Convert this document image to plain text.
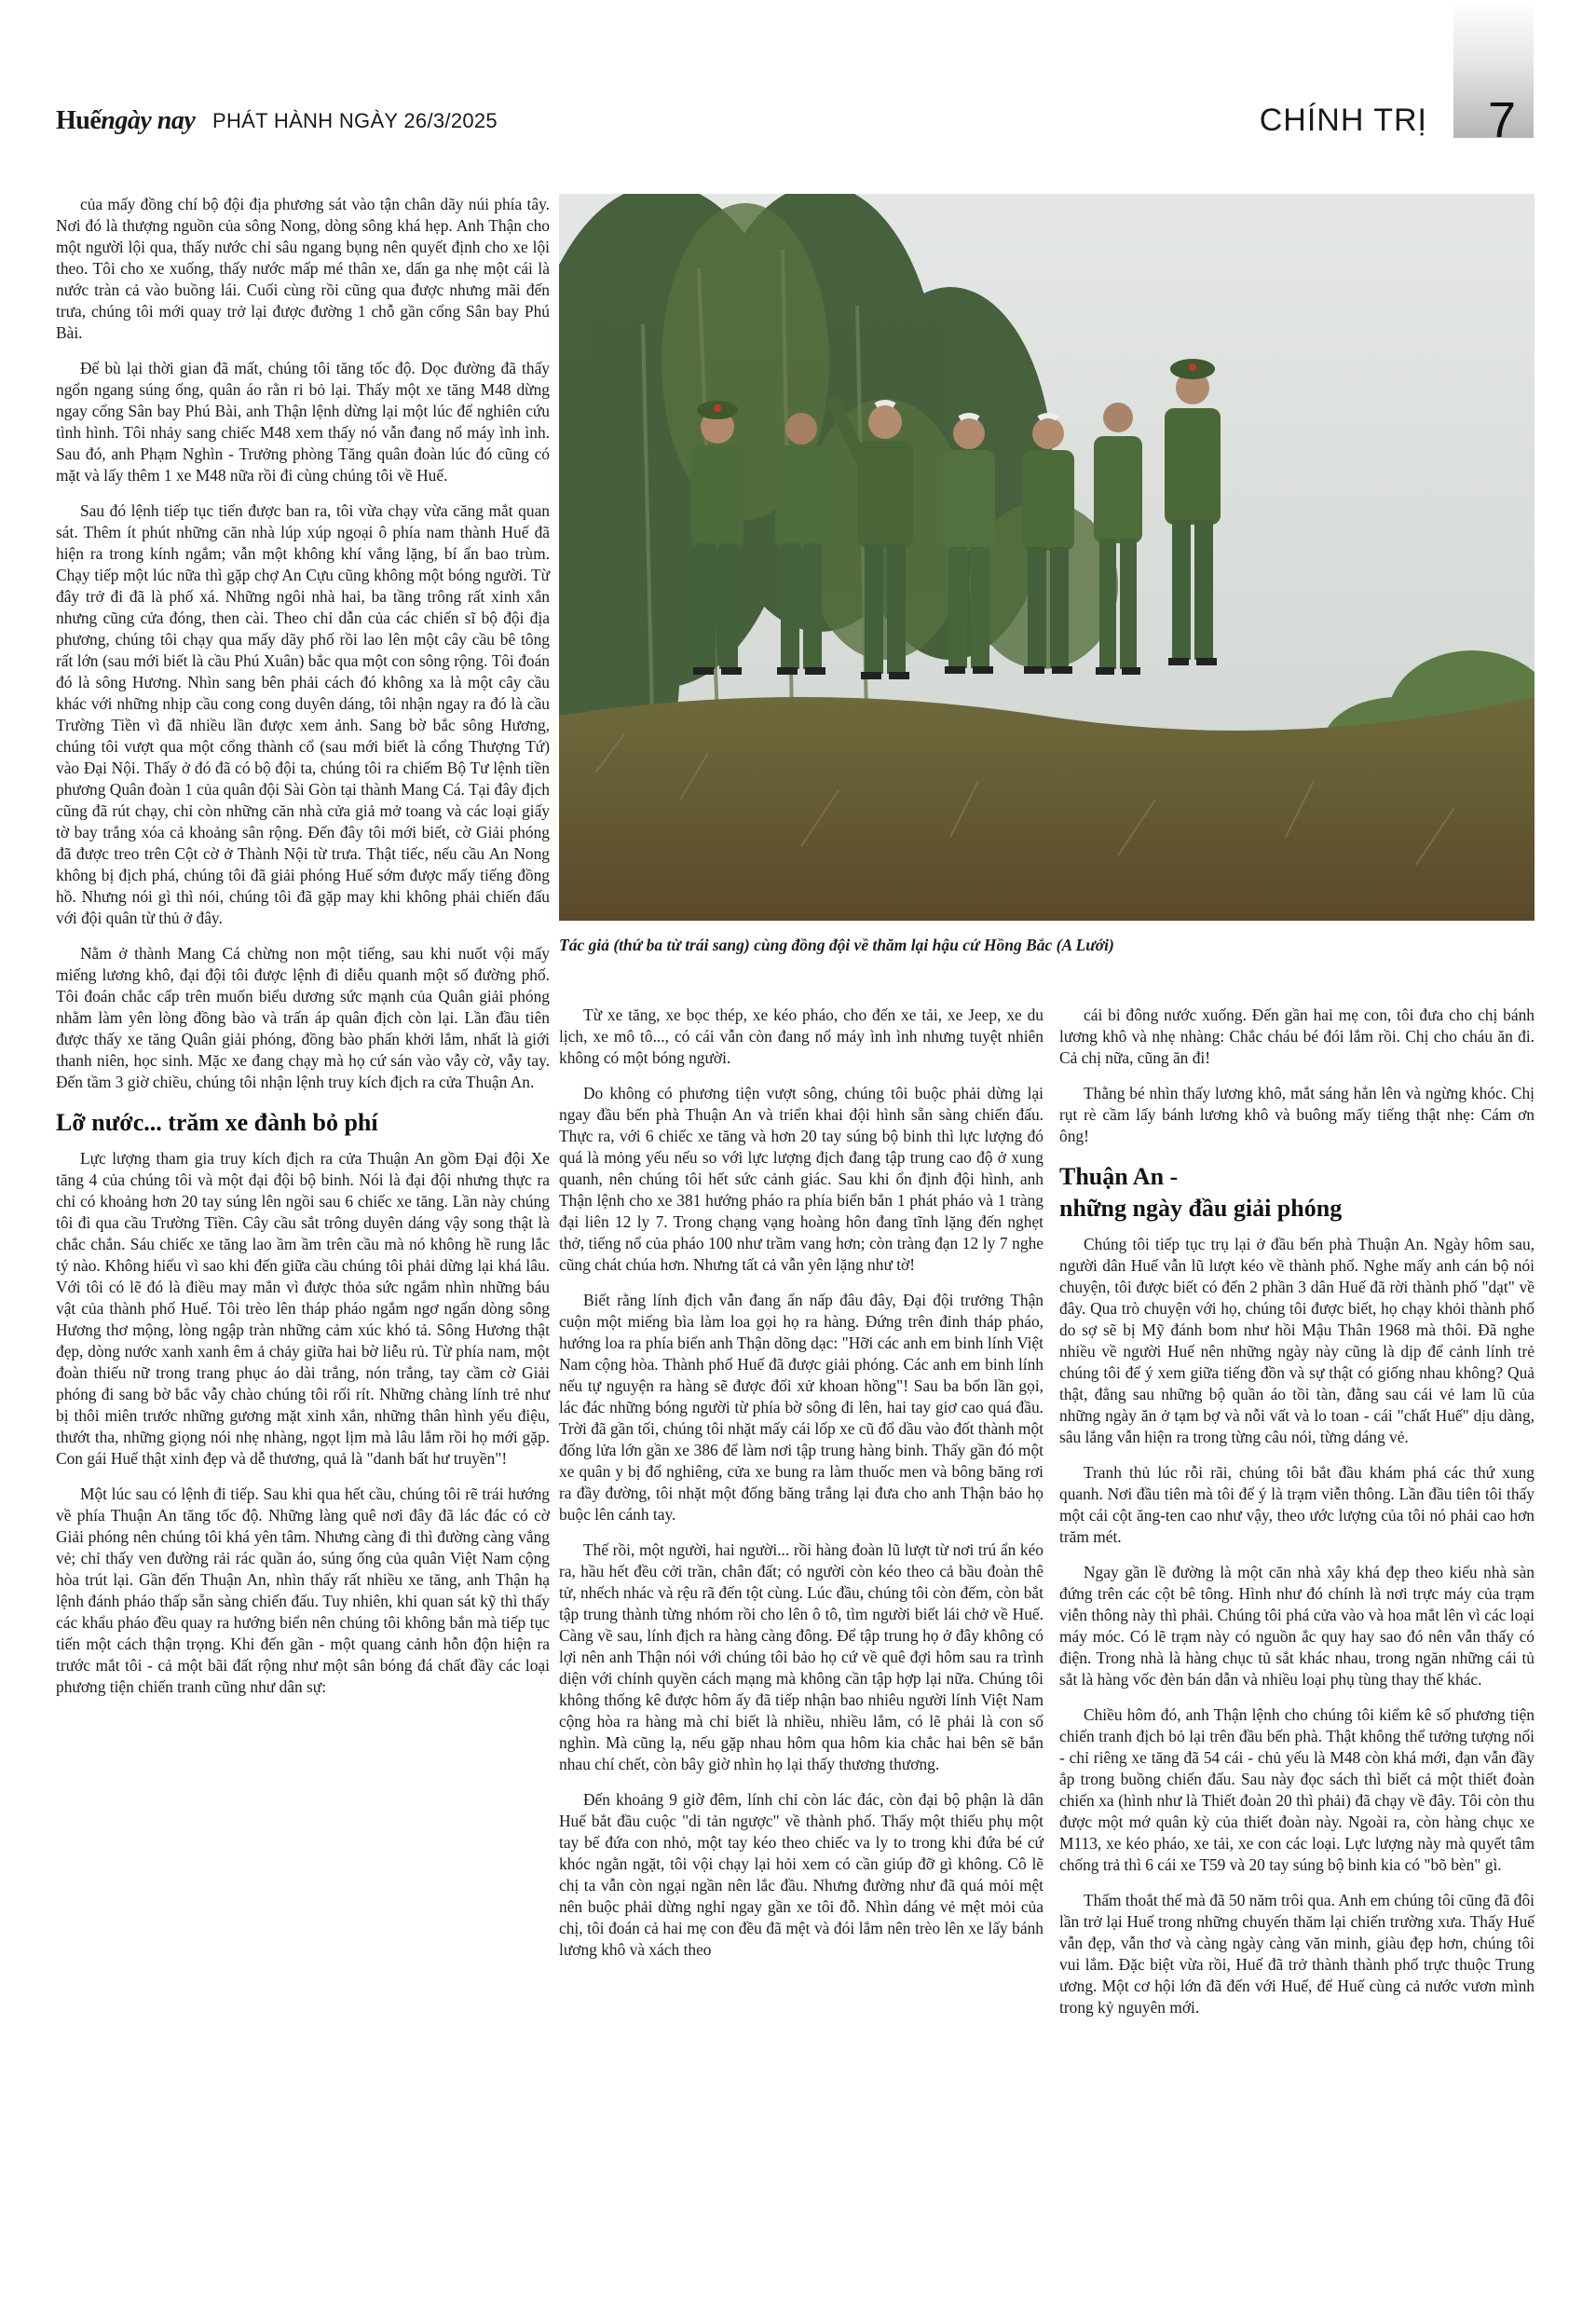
Huếngày nay PHÁT HÀNH NGÀY 26/3/2025	CHÍNH TRỊ	7

của mấy đồng chí bộ đội địa phương sát vào tận chân dãy núi phía tây. Nơi đó là thượng nguồn của sông Nong, dòng sông khá hẹp. Anh Thận cho một người lội qua, thấy nước chỉ sâu ngang bụng nên quyết định cho xe lội theo. Tôi cho xe xuống, thấy nước mấp mé thân xe, dấn ga nhẹ một cái là nước tràn cả vào buồng lái. Cuối cùng rồi cũng qua được nhưng mãi đến trưa, chúng tôi mới quay trở lại được đường 1 chỗ gần cổng Sân bay Phú Bài.

Để bù lại thời gian đã mất, chúng tôi tăng tốc độ. Dọc đường đã thấy ngổn ngang súng ống, quân áo rằn ri bỏ lại. Thấy một xe tăng M48 dừng ngay cổng Sân bay Phú Bài, anh Thận lệnh dừng lại một lúc để nghiên cứu tình hình. Tôi nhảy sang chiếc M48 xem thấy nó vẫn đang nổ máy ình ình. Sau đó, anh Phạm Nghìn - Trưởng phòng Tăng quân đoàn lúc đó cũng có mặt và lấy thêm 1 xe M48 nữa rồi đi cùng chúng tôi về Huế.

Sau đó lệnh tiếp tục tiến được ban ra, tôi vừa chạy vừa căng mắt quan sát. Thêm ít phút những căn nhà lúp xúp ngoại ô phía nam thành Huế đã hiện ra trong kính ngắm; vẫn một không khí vắng lặng, bí ẩn bao trùm. Chạy tiếp một lúc nữa thì gặp chợ An Cựu cũng không một bóng người. Từ đây trở đi đã là phố xá. Những ngôi nhà hai, ba tầng trông rất xinh xắn nhưng cũng cửa đóng, then cài. Theo chỉ dẫn của các chiến sĩ bộ đội địa phương, chúng tôi chạy qua mấy dãy phố rồi lao lên một cây cầu bê tông rất lớn (sau mới biết là cầu Phú Xuân) bắc qua một con sông rộng. Tôi đoán đó là sông Hương. Nhìn sang bên phải cách đó không xa là một cây cầu khác với những nhịp cầu cong cong duyên dáng, tôi nhận ngay ra đó là cầu Trường Tiền vì đã nhiều lần được xem ảnh. Sang bờ bắc sông Hương, chúng tôi vượt qua một cổng thành cổ (sau mới biết là cổng Thượng Tứ) vào Đại Nội. Thấy ở đó đã có bộ đội ta, chúng tôi ra chiếm Bộ Tư lệnh tiền phương Quân đoàn 1 của quân đội Sài Gòn tại thành Mang Cá. Tại đây địch cũng đã rút chạy, chỉ còn những căn nhà cửa giả mở toang và các loại giấy tờ bay trắng xóa cả khoảng sân rộng. Đến đây tôi mới biết, cờ Giải phóng đã được treo trên Cột cờ ở Thành Nội từ trưa. Thật tiếc, nếu cầu An Nong không bị địch phá, chúng tôi đã giải phóng Huế sớm được mấy tiếng đồng hồ. Nhưng nói gì thì nói, chúng tôi đã gặp may khi không phải chiến đấu với đội quân từ thủ ở đây.

Nằm ở thành Mang Cá chừng non một tiếng, sau khi nuốt vội mấy miếng lương khô, đại đội tôi được lệnh đi diễu quanh một số đường phố. Tôi đoán chắc cấp trên muốn biểu dương sức mạnh của Quân giải phóng nhằm làm yên lòng đồng bào và trấn áp quân địch còn lại. Lần đầu tiên được thấy xe tăng Quân giải phóng, đồng bào phấn khởi lắm, nhất là giới thanh niên, học sinh. Mặc xe đang chạy mà họ cứ sán vào vẫy cờ, vẫy tay. Đến tầm 3 giờ chiều, chúng tôi nhận lệnh truy kích địch ra cửa Thuận An.

Lỡ nước... trăm xe đành bỏ phí

Lực lượng tham gia truy kích địch ra cửa Thuận An gồm Đại đội Xe tăng 4 của chúng tôi và một đại đội bộ binh. Nói là đại đội nhưng thực ra chỉ có khoảng hơn 20 tay súng lên ngồi sau 6 chiếc xe tăng. Lần này chúng tôi đi qua cầu Trường Tiền. Cây cầu sắt trông duyên dáng vậy song thật là chắc chắn. Sáu chiếc xe tăng lao ầm ầm trên cầu mà nó không hề rung lắc tý nào. Không hiểu vì sao khi đến giữa cầu chúng tôi phải dừng lại khá lâu. Với tôi có lẽ đó là điều may mắn vì được thỏa sức ngắm nhìn những báu vật của thành phố Huế. Tôi trèo lên tháp pháo ngắm ngơ ngẩn dòng sông Hương thơ mộng, lòng ngập tràn những cảm xúc khó tả. Sông Hương thật đẹp, dòng nước xanh xanh êm ả chảy giữa hai bờ liễu rủ. Từ phía nam, một đoàn thiếu nữ trong trang phục áo dài trắng, nón trắng, tay cầm cờ Giải phóng đi sang bờ bắc vẫy chào chúng tôi rối rít. Những chàng lính trẻ như bị thôi miên trước những gương mặt xinh xắn, những thân hình yểu điệu, thướt tha, những giọng nói nhẹ nhàng, ngọt lịm mà lâu lắm rồi họ mới gặp. Con gái Huế thật xinh đẹp và dễ thương, quả là "danh bất hư truyền"!

Một lúc sau có lệnh đi tiếp. Sau khi qua hết cầu, chúng tôi rẽ trái hướng về phía Thuận An tăng tốc độ. Những làng quê nơi đây đã lác đác có cờ Giải phóng nên chúng tôi khá yên tâm. Nhưng càng đi thì đường càng vắng vẻ; chỉ thấy ven đường rải rác quần áo, súng ống của quân Việt Nam cộng hòa trút lại. Gần đến Thuận An, nhìn thấy rất nhiều xe tăng, anh Thận hạ lệnh đánh pháo thấp sẵn sàng chiến đấu. Tuy nhiên, khi quan sát kỹ thì thấy các khẩu pháo đều quay ra hướng biển nên chúng tôi không bắn mà tiếp tục tiến một cách thận trọng. Khi đến gần - một quang cảnh hỗn độn hiện ra trước mắt tôi - cả một bãi đất rộng như một sân bóng đá chất đầy các loại phương tiện chiến tranh cũng như dân sự:

Tác giả (thứ ba từ trái sang) cùng đồng đội về thăm lại hậu cứ Hồng Bắc (A Lưới)

Từ xe tăng, xe bọc thép, xe kéo pháo, cho đến xe tải, xe Jeep, xe du lịch, xe mô tô..., có cái vẫn còn đang nổ máy ình ình nhưng tuyệt nhiên không có một bóng người.

Do không có phương tiện vượt sông, chúng tôi buộc phải dừng lại ngay đầu bến phà Thuận An và triển khai đội hình sẵn sàng chiến đấu. Thực ra, với 6 chiếc xe tăng và hơn 20 tay súng bộ binh thì lực lượng đó quá là mỏng yếu nếu so với lực lượng địch đang tập trung cao độ ở xung quanh, nên chúng tôi hết sức cảnh giác. Sau khi ổn định đội hình, anh Thận lệnh cho xe 381 hướng pháo ra phía biển bắn 1 phát pháo và 1 tràng đại liên 12 ly 7. Trong chạng vạng hoàng hôn đang tĩnh lặng đến nghẹt thở, tiếng nổ của pháo 100 như trầm vang hơn; còn tràng đạn 12 ly 7 nghe cũng chát chúa hơn. Nhưng tất cả vẫn yên lặng như tờ!

Biết rằng lính địch vẫn đang ẩn nấp đâu đây, Đại đội trưởng Thận cuộn một miếng bìa làm loa gọi họ ra hàng. Đứng trên đỉnh tháp pháo, hướng loa ra phía biển anh Thận dõng dạc: "Hỡi các anh em binh lính Việt Nam cộng hòa. Thành phố Huế đã được giải phóng. Các anh em binh lính nếu tự nguyện ra hàng sẽ được đối xử khoan hồng"! Sau ba bốn lần gọi, lác đác những bóng người từ phía bờ sông đi lên, hai tay giơ cao quá đầu. Trời đã gần tối, chúng tôi nhặt mấy cái lốp xe cũ đổ dầu vào đốt thành một đống lửa lớn gần xe 386 để làm nơi tập trung hàng binh. Thấy gần đó một xe quân y bị đổ nghiêng, cửa xe bung ra làm thuốc men và bông băng rơi ra đầy đường, tôi nhặt một đống băng trắng lại đưa cho anh Thận bảo họ buộc lên cánh tay.

Thế rồi, một người, hai người... rồi hàng đoàn lũ lượt từ nơi trú ẩn kéo ra, hầu hết đều cởi trần, chân đất; có người còn kéo theo cả bầu đoàn thê tử, nhếch nhác và rệu rã đến tột cùng. Lúc đầu, chúng tôi còn đếm, còn bắt tập trung thành từng nhóm rồi cho lên ô tô, tìm người biết lái chở về Huế. Càng về sau, lính địch ra hàng càng đông. Để tập trung họ ở đây không có lợi nên anh Thận nói với chúng tôi bảo họ cứ về quê đợi hôm sau ra trình diện với chính quyền cách mạng mà không cần tập hợp lại nữa. Chúng tôi không thống kê được hôm ấy đã tiếp nhận bao nhiêu người lính Việt Nam cộng hòa ra hàng mà chỉ biết là nhiều, nhiều lắm, có lẽ phải là con số nghìn. Mà cũng lạ, nếu gặp nhau hôm qua hôm kia chắc hai bên sẽ bắn nhau chí chết, còn bây giờ nhìn họ lại thấy thương thương.

Đến khoảng 9 giờ đêm, lính chỉ còn lác đác, còn đại bộ phận là dân Huế bắt đầu cuộc "di tản ngược" về thành phố. Thấy một thiếu phụ một tay bế đứa con nhỏ, một tay kéo theo chiếc va ly to trong khi đứa bé cứ khóc ngằn ngặt, tôi vội chạy lại hỏi xem có cần giúp đỡ gì không. Cô lẽ chị ta vẫn còn ngại ngần nên lắc đầu. Nhưng đường như đã quá mỏi mệt nên buộc phải dừng nghỉ ngay gần xe tôi đỗ. Nhìn dáng vẻ mệt mỏi của chị, tôi đoán cả hai mẹ con đều đã mệt và đói lắm nên trèo lên xe lấy bánh lương khô và xách theo

cái bi đông nước xuống. Đến gần hai mẹ con, tôi đưa cho chị bánh lương khô và nhẹ nhàng: Chắc cháu bé đói lắm rồi. Chị cho cháu ăn đi. Cả chị nữa, cũng ăn đi!

Thằng bé nhìn thấy lương khô, mắt sáng hẳn lên và ngừng khóc. Chị rụt rè cầm lấy bánh lương khô và buông mấy tiếng thật nhẹ: Cám ơn ông!

Thuận An -
những ngày đầu giải phóng

Chúng tôi tiếp tục trụ lại ở đầu bến phà Thuận An. Ngày hôm sau, người dân Huế vẫn lũ lượt kéo về thành phố. Nghe mấy anh cán bộ nói chuyện, tôi được biết có đến 2 phần 3 dân Huế đã rời thành phố "dạt" về đây. Qua trò chuyện với họ, chúng tôi được biết, họ chạy khỏi thành phố do sợ sẽ bị Mỹ đánh bom như hồi Mậu Thân 1968 mà thôi. Đã nghe nhiều về người Huế nên những ngày này cũng là dịp để cảnh lính trẻ chúng tôi để ý xem giữa tiếng đồn và sự thật có giống nhau không? Quả thật, đẳng sau những bộ quần áo tồi tàn, đằng sau cái vẻ lam lũ của những ngày ăn ở tạm bợ và nỗi vất và lo toan - cái "chất Huế" dịu dàng, sâu lắng vẫn hiện ra trong từng câu nói, từng dáng vẻ.

Tranh thủ lúc rỗi rãi, chúng tôi bắt đầu khám phá các thứ xung quanh. Nơi đầu tiên mà tôi để ý là trạm viễn thông. Lần đầu tiên tôi thấy một cái cột ăng-ten cao như vậy, theo ước lượng của tôi nó phải cao hơn trăm mét.

Ngay gần lề đường là một căn nhà xây khá đẹp theo kiểu nhà sàn đứng trên các cột bê tông. Hình như đó chính là nơi trực máy của trạm viễn thông này thì phải. Chúng tôi phá cửa vào và hoa mắt lên vì các loại máy móc. Có lẽ trạm này có nguồn ắc quy hay sao đó nên vẫn thấy có điện. Trong nhà là hàng chục tủ sắt khác nhau, trong ngăn những cái tủ sắt là hàng vốc đèn bán dẫn và nhiều loại phụ tùng thay thế khác.

Chiều hôm đó, anh Thận lệnh cho chúng tôi kiểm kê số phương tiện chiến tranh địch bỏ lại trên đầu bến phà. Thật không thể tưởng tượng nổi - chỉ riêng xe tăng đã 54 cái - chủ yếu là M48 còn khá mới, đạn vẫn đầy ắp trong buồng chiến đấu. Sau này đọc sách thì biết cả một thiết đoàn chiến xa (hình như là Thiết đoàn 20 thì phải) đã chạy về đây. Tôi còn thu được một mớ quân kỳ của thiết đoàn này. Ngoài ra, còn hàng chục xe M113, xe kéo pháo, xe tải, xe con các loại. Lực lượng này mà quyết tâm chống trả thì 6 cái xe T59 và 20 tay súng bộ binh kia có "bõ bèn" gì.

Thấm thoắt thế mà đã 50 năm trôi qua. Anh em chúng tôi cũng đã đôi lần trở lại Huế trong những chuyến thăm lại chiến trường xưa. Thấy Huế vẫn đẹp, vẫn thơ và càng ngày càng văn minh, giàu đẹp hơn, chúng tôi vui lắm. Đặc biệt vừa rồi, Huế đã trở thành thành phố trực thuộc Trung ương. Một cơ hội lớn đã đến với Huế, để Huế cùng cả nước vươn mình trong kỷ nguyên mới.
